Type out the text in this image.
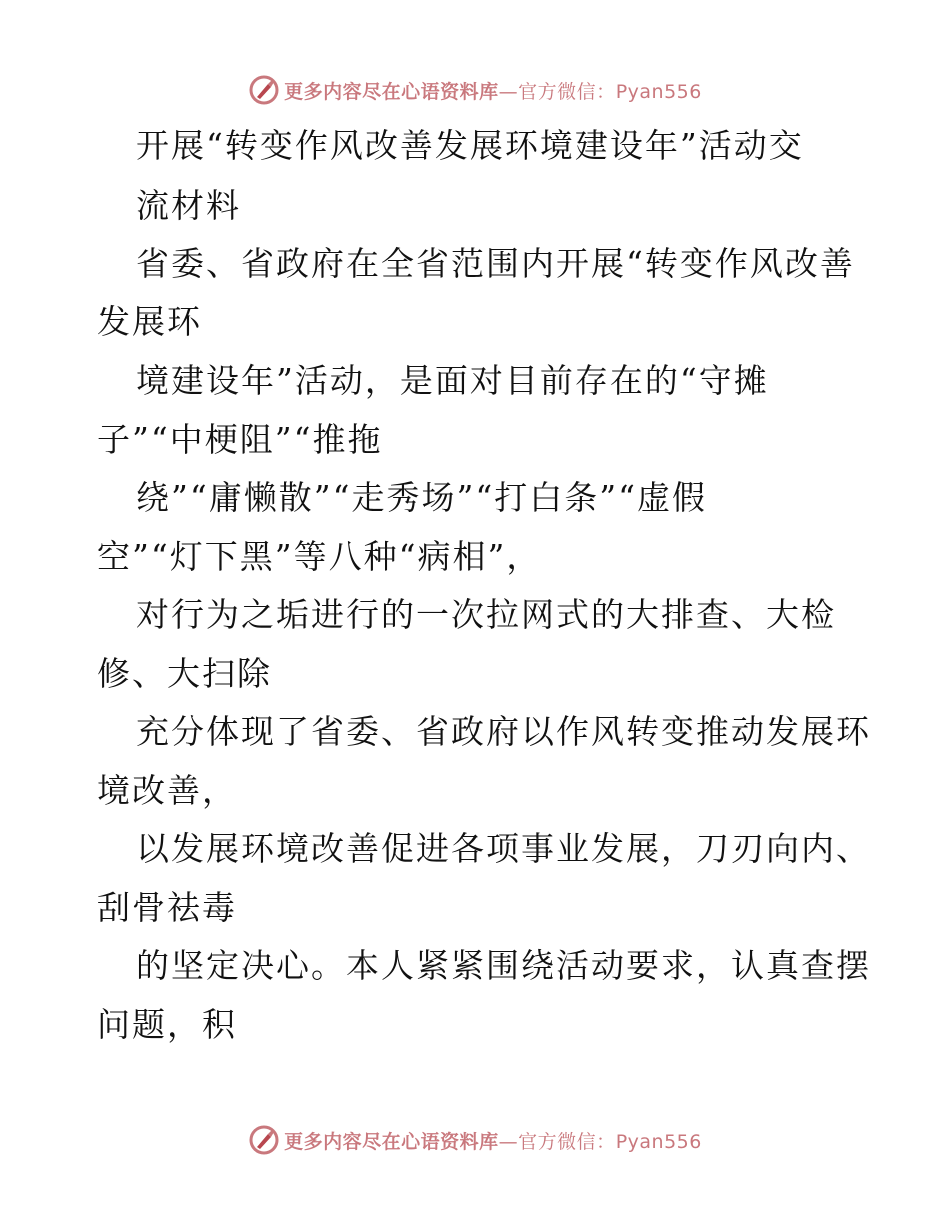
更多内容尽在心语资料库—官方微信：Pyan556
开展“转变作风改善发展环境建设年”活动交
流材料
省委、省政府在全省范围内开展“转变作风改善
发展环
境建设年”活动，是面对目前存在的“守摊
子”“中梗阻”“推拖
绕”“庸懒散”“走秀场”“打白条”“虚假
空”“灯下黑”等八种“病相”，
对行为之垢进行的一次拉网式的大排查、大检
修、大扫除
充分体现了省委、省政府以作风转变推动发展环
境改善，
以发展环境改善促进各项事业发展，刀刃向内、
刮骨祛毒
的坚定决心。本人紧紧围绕活动要求，认真查摆
问题，积
更多内容尽在心语资料库—官方微信：Pyan556
